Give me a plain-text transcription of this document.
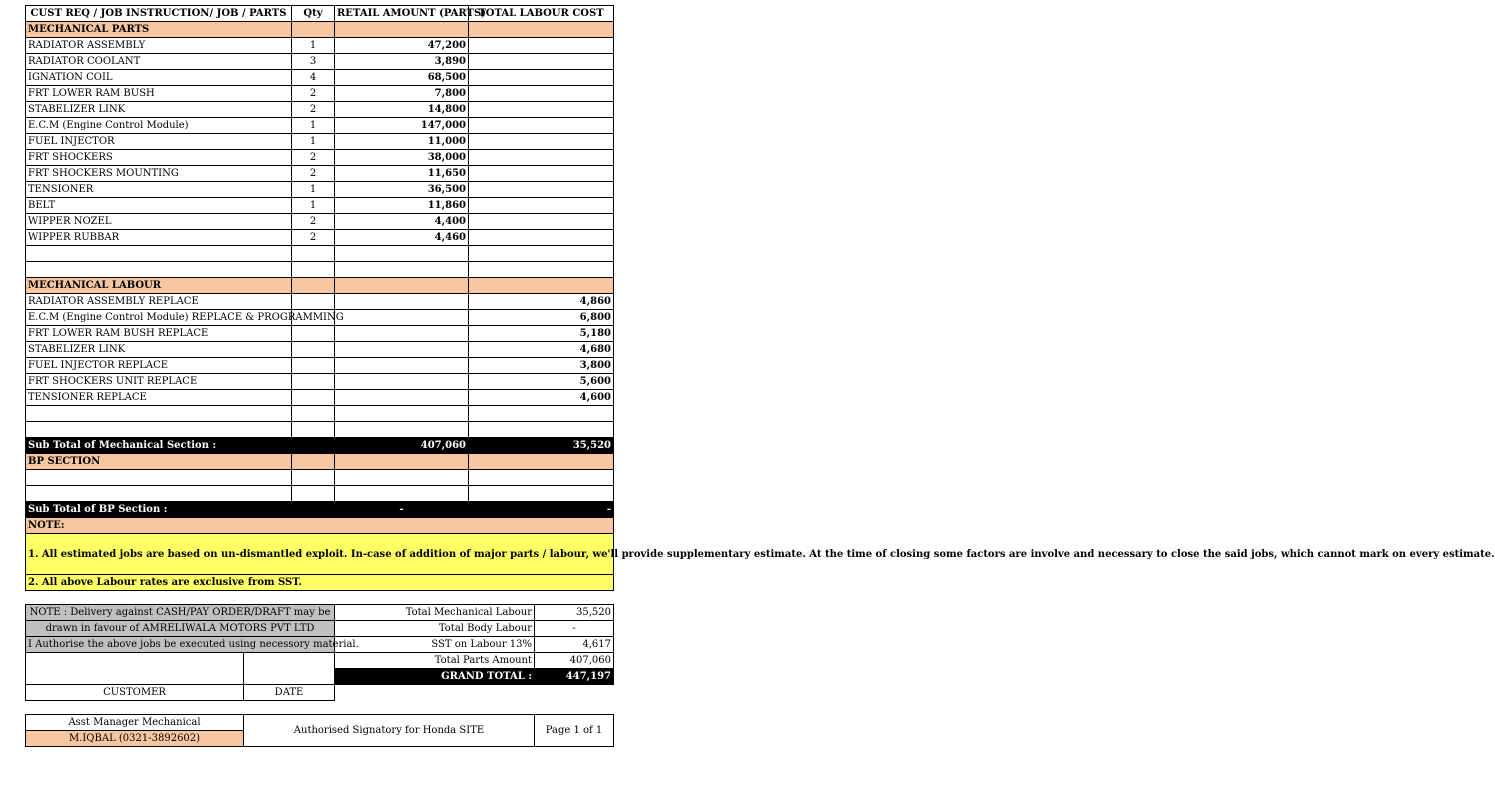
CUST REQ / JOB INSTRUCTION/ JOB / PARTS	Qty	RETAIL AMOUNT (PARTS)	TOTAL LABOUR COST
MECHANICAL PARTS			
RADIATOR ASSEMBLY	1	47,200	
RADIATOR COOLANT	3	3,890	
IGNATION COIL	4	68,500	
FRT LOWER RAM BUSH	2	7,800	
STABELIZER LINK	2	14,800	
E.C.M (Engine Control Module)	1	147,000	
FUEL INJECTOR	1	11,000	
FRT SHOCKERS	2	38,000	
FRT SHOCKERS MOUNTING	2	11,650	
TENSIONER	1	36,500	
BELT	1	11,860	
WIPPER NOZEL	2	4,400	
WIPPER RUBBAR	2	4,460	

MECHANICAL LABOUR			
RADIATOR ASSEMBLY REPLACE			4,860
E.C.M (Engine Control Module) REPLACE & PROGRAMMING			6,800
FRT LOWER RAM BUSH REPLACE			5,180
STABELIZER LINK			4,680
FUEL INJECTOR REPLACE			3,800
FRT SHOCKERS UNIT REPLACE			5,600
TENSIONER REPLACE			4,600

Sub Total of Mechanical Section :		407,060	35,520
BP SECTION			

Sub Total of BP Section :		-	-
NOTE:			
1. All estimated jobs are based on un-dismantled exploit. In-case of addition of major parts / labour, we'll provide supplementary estimate. At the time of closing some factors are involve and necessary to close the said jobs, which cannot mark on every estimate.			
2. All above Labour rates are exclusive from SST.			
NOTE : Delivery against CASH/PAY ORDER/DRAFT may be		Total Mechanical Labour	35,520
drawn in favour of AMRELIWALA MOTORS PVT LTD		Total Body Labour	-
I Authorise the above jobs be executed using necessory material.		SST on Labour 13%	4,617
		Total Parts Amount	407,060
		GRAND TOTAL :	447,197
CUSTOMER	DATE		
Asst Manager Mechanical	Authorised Signatory for Honda SITE	Page 1 of 1
M.IQBAL (0321-3892602)
